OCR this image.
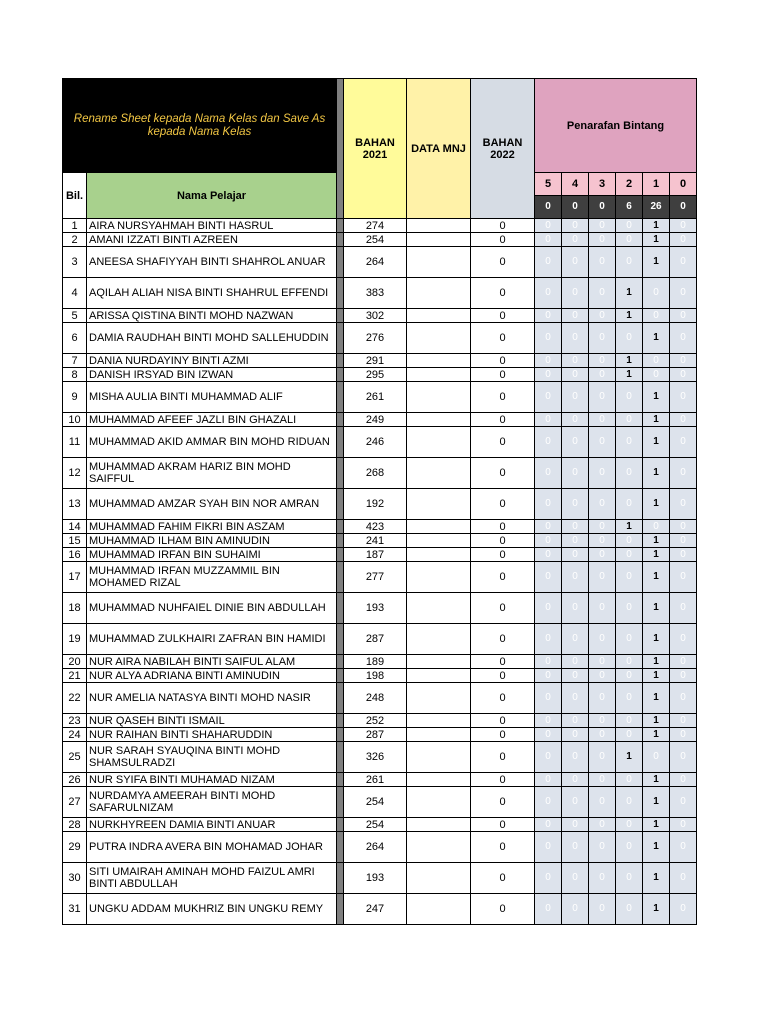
Rename Sheet kepada Nama Kelas dan Save As kepada Nama Kelas			BAHAN 2021	DATA MNJ	BAHAN 2022	Penarafan Bintang					
Bil.	Nama Pelajar					5	4	3	2	1	0
						0	0	0	6	26	0
1	AIRA NURSYAHMAH BINTI HASRUL		274		0	0	0	0	0	1	0
2	AMANI IZZATI BINTI AZREEN		254		0	0	0	0	0	1	0
3	ANEESA SHAFIYYAH BINTI SHAHROL ANUAR		264		0	0	0	0	0	1	0
4	AQILAH ALIAH NISA BINTI SHAHRUL EFFENDI		383		0	0	0	0	1	0	0
5	ARISSA QISTINA BINTI MOHD NAZWAN		302		0	0	0	0	1	0	0
6	DAMIA RAUDHAH BINTI MOHD SALLEHUDDIN		276		0	0	0	0	0	1	0
7	DANIA NURDAYINY BINTI AZMI		291		0	0	0	0	1	0	0
8	DANISH IRSYAD BIN IZWAN		295		0	0	0	0	1	0	0
9	MISHA AULIA BINTI MUHAMMAD ALIF		261		0	0	0	0	0	1	0
10	MUHAMMAD AFEEF JAZLI BIN GHAZALI		249		0	0	0	0	0	1	0
11	MUHAMMAD AKID AMMAR BIN MOHD RIDUAN		246		0	0	0	0	0	1	0
12	MUHAMMAD AKRAM HARIZ BIN MOHD SAIFFUL		268		0	0	0	0	0	1	0
13	MUHAMMAD AMZAR SYAH BIN NOR AMRAN		192		0	0	0	0	0	1	0
14	MUHAMMAD FAHIM FIKRI BIN ASZAM		423		0	0	0	0	1	0	0
15	MUHAMMAD ILHAM BIN AMINUDIN		241		0	0	0	0	0	1	0
16	MUHAMMAD IRFAN BIN SUHAIMI		187		0	0	0	0	0	1	0
17	MUHAMMAD IRFAN MUZZAMMIL BIN MOHAMED RIZAL		277		0	0	0	0	0	1	0
18	MUHAMMAD NUHFAIEL DINIE BIN ABDULLAH		193		0	0	0	0	0	1	0
19	MUHAMMAD ZULKHAIRI ZAFRAN BIN HAMIDI		287		0	0	0	0	0	1	0
20	NUR AIRA NABILAH BINTI SAIFUL ALAM		189		0	0	0	0	0	1	0
21	NUR ALYA ADRIANA BINTI AMINUDIN		198		0	0	0	0	0	1	0
22	NUR AMELIA NATASYA BINTI MOHD NASIR		248		0	0	0	0	0	1	0
23	NUR QASEH BINTI ISMAIL		252		0	0	0	0	0	1	0
24	NUR RAIHAN BINTI SHAHARUDDIN		287		0	0	0	0	0	1	0
25	NUR SARAH SYAUQINA BINTI MOHD SHAMSULRADZI		326		0	0	0	0	1	0	0
26	NUR SYIFA BINTI MUHAMAD NIZAM		261		0	0	0	0	0	1	0
27	NURDAMYA AMEERAH BINTI MOHD SAFARULNIZAM		254		0	0	0	0	0	1	0
28	NURKHYREEN DAMIA BINTI ANUAR		254		0	0	0	0	0	1	0
29	PUTRA INDRA AVERA BIN MOHAMAD JOHAR		264		0	0	0	0	0	1	0
30	SITI UMAIRAH AMINAH MOHD FAIZUL AMRI BINTI ABDULLAH		193		0	0	0	0	0	1	0
31	UNGKU ADDAM MUKHRIZ BIN UNGKU REMY		247		0	0	0	0	0	1	0
